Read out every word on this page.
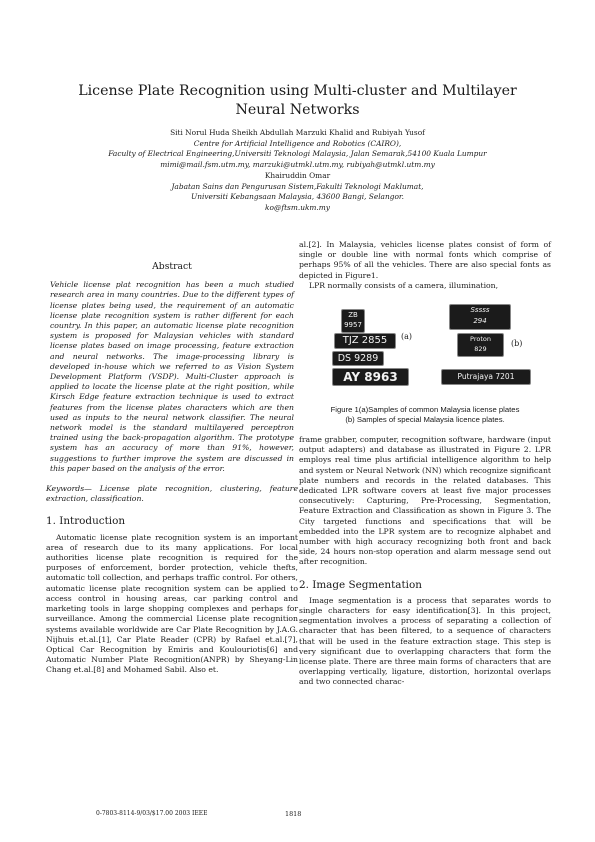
License Plate Recognition using Multi-cluster and Multilayer
Neural Networks
Siti Norul Huda Sheikh Abdullah Marzuki Khalid and Rubiyah Yusof
Centre for Artificial Intelligence and Robotics (CAIRO),
Faculty of Electrical Engineering,Universiti Teknologi Malaysia, Jalan Semarak,54100 Kuala Lumpur
mimi@mail.fsm.utm.my, marzuki@utmkl.utm.my, rubiyah@utmkl.utm.my
Khairuddin Omar
Jabatan Sains dan Pengurusan Sistem,Fakulti Teknologi Maklumat,
Universiti Kebangsaan Malaysia, 43600 Bangi, Selangor.
ko@ftsm.ukm.my
Abstract

Vehicle license plat recognition has been a much studied research area in many countries. Due to the different types of license plates being used, the requirement of an automatic license plate recognition system is rather different for each country. In this paper, an automatic license plate recognition system is proposed for Malaysian vehicles with standard license plates based on image processing, feature extraction and neural networks. The image-processing library is developed in-house which we referred to as Vision System Development Platform (VSDP). Multi-Cluster approach is applied to locate the license plate at the right position, while Kirsch Edge feature extraction technique is used to extract features from the license plates characters which are then used as inputs to the neural network classifier. The neural network model is the standard multilayered perceptron trained using the back-propagation algorithm. The prototype system has an accuracy of more than 91%, however, suggestions to further improve the system are discussed in this paper based on the analysis of the error.

Keywords— License plate recognition, clustering, feature extraction, classification.

1. Introduction

Automatic license plate recognition system is an important area of research due to its many applications. For local authorities license plate recognition is required for the purposes of enforcement, border protection, vehicle thefts, automatic toll collection, and perhaps traffic control. For others, automatic license plate recognition system can be applied to access control in housing areas, car parking control and marketing tools in large shopping complexes and perhaps for surveillance. Among the commercial License plate recognition systems available worldwide are Car Plate Recognition by J.A.G. Nijhuis et.al.[1], Car Plate Reader (CPR) by Rafael et.al.[7], Optical Car Recognition by Emiris and Koulouriotis[6] and Automatic Number Plate Recognition(ANPR) by Sheyang-Lin Chang et.al.[8] and Mohamed Sabil. Also et.

al.[2]. In Malaysia, vehicles license plates consist of form of single or double line with normal fonts which comprise of perhaps 95% of all the vehicles. There are also special fonts as depicted in Figure1.

LPR normally consists of a camera, illumination,

ZB
9957
TJZ 2855
DS 9289
AY 8963
(a)
Sssss
294
Proton
829
Putrajaya 7201
(b)
Figure 1(a)Samples of common Malaysia license plates
(b) Samples of special Malaysia licence plates.

frame grabber, computer, recognition software, hardware (input output adapters) and database as illustrated in Figure 2. LPR employs real time plus artificial intelligence algorithm to help and system or Neural Network (NN) which recognize significant plate numbers and records in the related databases. This dedicated LPR software covers at least five major processes consecutively: Capturing, Pre-Processing, Segmentation, Feature Extraction and Classification as shown in Figure 3. The City targeted functions and specifications that will be embedded into the LPR system are to recognize alphabet and number with high accuracy recognizing both front and back side, 24 hours non-stop operation and alarm message send out after recognition.

2. Image Segmentation

Image segmentation is a process that separates words to single characters for easy identification[3]. In this project, segmentation involves a process of separating a collection of character that has been filtered, to a sequence of characters that will be used in the feature extraction stage. This step is very significant due to overlapping characters that form the license plate. There are three main forms of characters that are overlapping vertically, ligature, distortion, horizontal overlaps and two connected charac-

0-7803-8114-9/03/$17.00 2003 IEEE	1818
